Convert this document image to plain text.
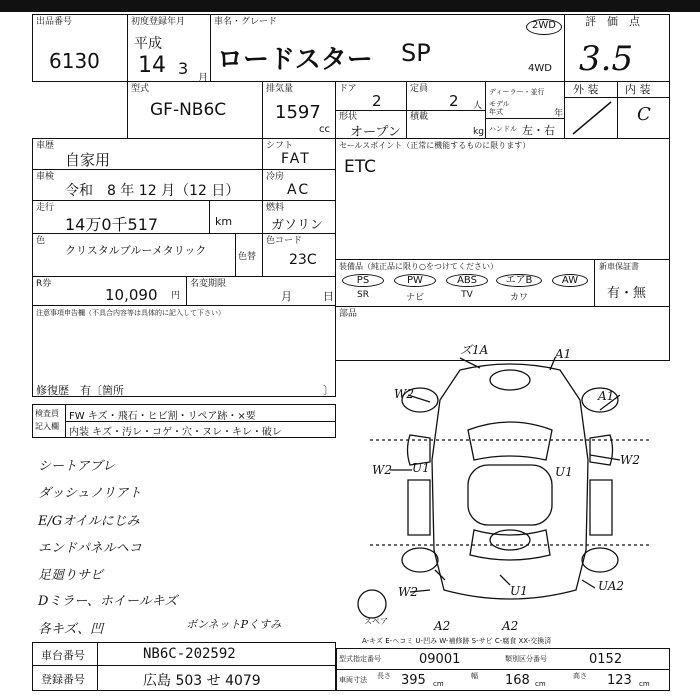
出品番号
6130
初度登録年月
平成
14 3
月
車名・グレード
ロードスター SP
2WD
4WD
評　価　点
3.5
型式
GF-NB6C
排気量
1597
cc
ドア
2
定員
2 人
ディーラー・並行
モデル年式	年
ハンドル 左・右
形状
オープン
積載
kg
外 装 内 装
C
車歴
自家用
車検
令和　8 年 12 月（12 日）
走行
14万0千517	km
色
クリスタルブルーメタリック	色替
R券
10,090 円
名変期限
月	日
シフト
FAT
冷房
AC
燃料
ガソリン
色コード
23C
セールスポイント（正常に機能するものに限ります）
ETC
装備品（純正品に限り○をつけてください）
PS	PW	ABS	エアB	AW
SR	ナビ	TV	カワ
新車保証書
有・無
部品
注意事項申告欄（不具合内容等は具体的に記入して下さい）
修復歴　有〔箇所	〕
検査員
記入欄
FW キズ・飛石・ヒビ割・リペア跡・×要
内装 キズ・汚レ・コゲ・穴・ヌレ・キレ・破レ
シートアブレ
ダッシュノリアト
E/Gオイルにじみ
エンドパネルヘコ
足廻りサビ
Dミラー、ホイールキズ
各キズ、凹	ボンネットPくすみ
ズ1A	A1
A1
W2
W2 U1
W2
U1
W2
A2	A2
U1	UA2
スペア
A-キズ E-ヘコミ U-凹み W-補修跡 S-サビ C-腐食 XX-交換済
車台番号	NB6C-202592
登録番号	広島 503 せ 4079
型式指定番号	09001	類別区分番号	0152
車両寸法 長さ 395 cm
幅 168 cm
高さ 123 cm
